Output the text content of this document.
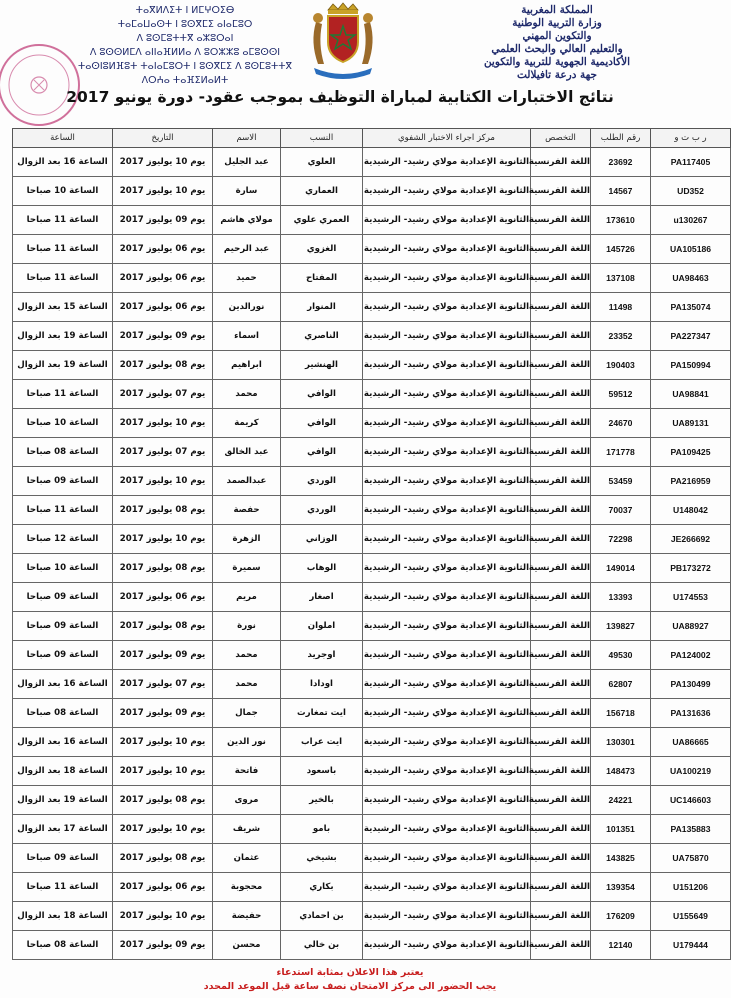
ⵜⴰⴳⵍⴷⵉⵜ ⵏ ⵍⵎⵖⵔⵉⴱ
ⵜⴰⵎⴰⵡⴰⵙⵜ ⵏ ⵓⵙⴳⵎⵉ ⴰⵏⴰⵎⵓⵔ
ⴷ ⵓⵙⵎⵓⵜⵜⴳ ⴰⵣⵓⵔⴰⵏ
ⴷ ⵓⵙⵙⵍⵎⴷ ⴰⵏⵏⴰⴼⵍⵍⴰ ⴷ ⵓⵔⵣⵣⵓ ⴰⵎⵓⵙⵙⵏ
ⵜⴰⵙⵏⵓⵍⴼⵓⵜ ⵜⴰⵏⴰⵎⵓⵔⵜ ⵏ ⵓⵙⴳⵎⵉ ⴷ ⵓⵙⵎⵓⵜⵜⴳ
ⴷⵔⵄⴰ ⵜⴰⴼⵉⵍⴰⵍⵜ
المملكة المغربية
وزارة التربية الوطنية
والتكوين المهني
والتعليم العالي والبحث العلمي
الأكاديمية الجهوية للتربية والتكوين
جهة درعة تافيلالت
نتائج الاختبارات الكتابية لمباراة التوظيف بموجب عقود- دورة يونيو 2017
ر ب ت و	رقم الطلب	التخصص	مركز اجراء الاختبار الشفوي	النسب	الاسم	التاريخ	الساعة
PA117405	23692	اللغة الفرنسية	الثانوية الإعدادية مولاي رشيد- الرشيدية	العلوي	عبد الجليل	يوم 10 يوليوز 2017	الساعة 16 بعد الزوال
UD352	14567	اللغة الفرنسية	الثانوية الإعدادية مولاي رشيد- الرشيدية	العماري	سارة	يوم 10 يوليوز 2017	الساعة 10 صباحا
u130267	173610	اللغة الفرنسية	الثانوية الإعدادية مولاي رشيد- الرشيدية	العمري علوي	مولاي هاشم	يوم 09 يوليوز 2017	الساعة 11 صباحا
UA105186	145726	اللغة الفرنسية	الثانوية الإعدادية مولاي رشيد- الرشيدية	الغزوي	عبد الرحيم	يوم 06 يوليوز 2017	الساعة 11 صباحا
UA98463	137108	اللغة الفرنسية	الثانوية الإعدادية مولاي رشيد- الرشيدية	المفتاح	حميد	يوم 06 يوليوز 2017	الساعة 11 صباحا
PA135074	11498	اللغة الفرنسية	الثانوية الإعدادية مولاي رشيد- الرشيدية	المنوار	نورالدين	يوم 06 يوليوز 2017	الساعة 15 بعد الزوال
PA227347	23352	اللغة الفرنسية	الثانوية الإعدادية مولاي رشيد- الرشيدية	الناصري	اسماء	يوم 09 يوليوز 2017	الساعة 19 بعد الزوال
PA150994	190403	اللغة الفرنسية	الثانوية الإعدادية مولاي رشيد- الرشيدية	الهنشير	ابراهيم	يوم 08 يوليوز 2017	الساعة 19 بعد الزوال
UA98841	59512	اللغة الفرنسية	الثانوية الإعدادية مولاي رشيد- الرشيدية	الوافي	محمد	يوم 07 يوليوز 2017	الساعة 11 صباحا
UA89131	24670	اللغة الفرنسية	الثانوية الإعدادية مولاي رشيد- الرشيدية	الوافي	كريمة	يوم 10 يوليوز 2017	الساعة 10 صباحا
PA109425	171778	اللغة الفرنسية	الثانوية الإعدادية مولاي رشيد- الرشيدية	الوافي	عبد الخالق	يوم 07 يوليوز 2017	الساعة 08 صباحا
PA216959	53459	اللغة الفرنسية	الثانوية الإعدادية مولاي رشيد- الرشيدية	الوردي	عبدالصمد	يوم 10 يوليوز 2017	الساعة 09 صباحا
U148042	70037	اللغة الفرنسية	الثانوية الإعدادية مولاي رشيد- الرشيدية	الوردي	حفصة	يوم 08 يوليوز 2017	الساعة 11 صباحا
JE266692	72298	اللغة الفرنسية	الثانوية الإعدادية مولاي رشيد- الرشيدية	الوزاني	الزهرة	يوم 10 يوليوز 2017	الساعة 12 صباحا
PB173272	149014	اللغة الفرنسية	الثانوية الإعدادية مولاي رشيد- الرشيدية	الوهاب	سميرة	يوم 08 يوليوز 2017	الساعة 10 صباحا
U174553	13393	اللغة الفرنسية	الثانوية الإعدادية مولاي رشيد- الرشيدية	اصغار	مريم	يوم 06 يوليوز 2017	الساعة 09 صباحا
UA88927	139827	اللغة الفرنسية	الثانوية الإعدادية مولاي رشيد- الرشيدية	املوان	نورة	يوم 08 يوليوز 2017	الساعة 09 صباحا
PA124002	49530	اللغة الفرنسية	الثانوية الإعدادية مولاي رشيد- الرشيدية	اوجريد	محمد	يوم 09 يوليوز 2017	الساعة 09 صباحا
PA130499	62807	اللغة الفرنسية	الثانوية الإعدادية مولاي رشيد- الرشيدية	اودادا	محمد	يوم 07 يوليوز 2017	الساعة 16 بعد الزوال
PA131636	156718	اللغة الفرنسية	الثانوية الإعدادية مولاي رشيد- الرشيدية	ايت تمغارت	جمال	يوم 09 يوليوز 2017	الساعة 08 صباحا
UA86665	130301	اللغة الفرنسية	الثانوية الإعدادية مولاي رشيد- الرشيدية	ايت عراب	نور الدين	يوم 10 يوليوز 2017	الساعة 16 بعد الزوال
UA100219	148473	اللغة الفرنسية	الثانوية الإعدادية مولاي رشيد- الرشيدية	باسعود	فاتحة	يوم 10 يوليوز 2017	الساعة 18 بعد الزوال
UC146603	24221	اللغة الفرنسية	الثانوية الإعدادية مولاي رشيد- الرشيدية	بالخير	مروى	يوم 08 يوليوز 2017	الساعة 19 بعد الزوال
PA135883	101351	اللغة الفرنسية	الثانوية الإعدادية مولاي رشيد- الرشيدية	بامو	شريف	يوم 10 يوليوز 2017	الساعة 17 بعد الزوال
UA75870	143825	اللغة الفرنسية	الثانوية الإعدادية مولاي رشيد- الرشيدية	بشيخي	عثمان	يوم 08 يوليوز 2017	الساعة 09 صباحا
U151206	139354	اللغة الفرنسية	الثانوية الإعدادية مولاي رشيد- الرشيدية	بكاري	محجوبة	يوم 06 يوليوز 2017	الساعة 11 صباحا
U155649	176209	اللغة الفرنسية	الثانوية الإعدادية مولاي رشيد- الرشيدية	بن احمادي	حفيضة	يوم 10 يوليوز 2017	الساعة 18 بعد الزوال
U179444	12140	اللغة الفرنسية	الثانوية الإعدادية مولاي رشيد- الرشيدية	بن خالي	محسن	يوم 09 يوليوز 2017	الساعة 08 صباحا
يعتبر هذا الاعلان بمثابة استدعاء
يجب الحضور الى مركز الامتحان نصف ساعة قبل الموعد المحدد
